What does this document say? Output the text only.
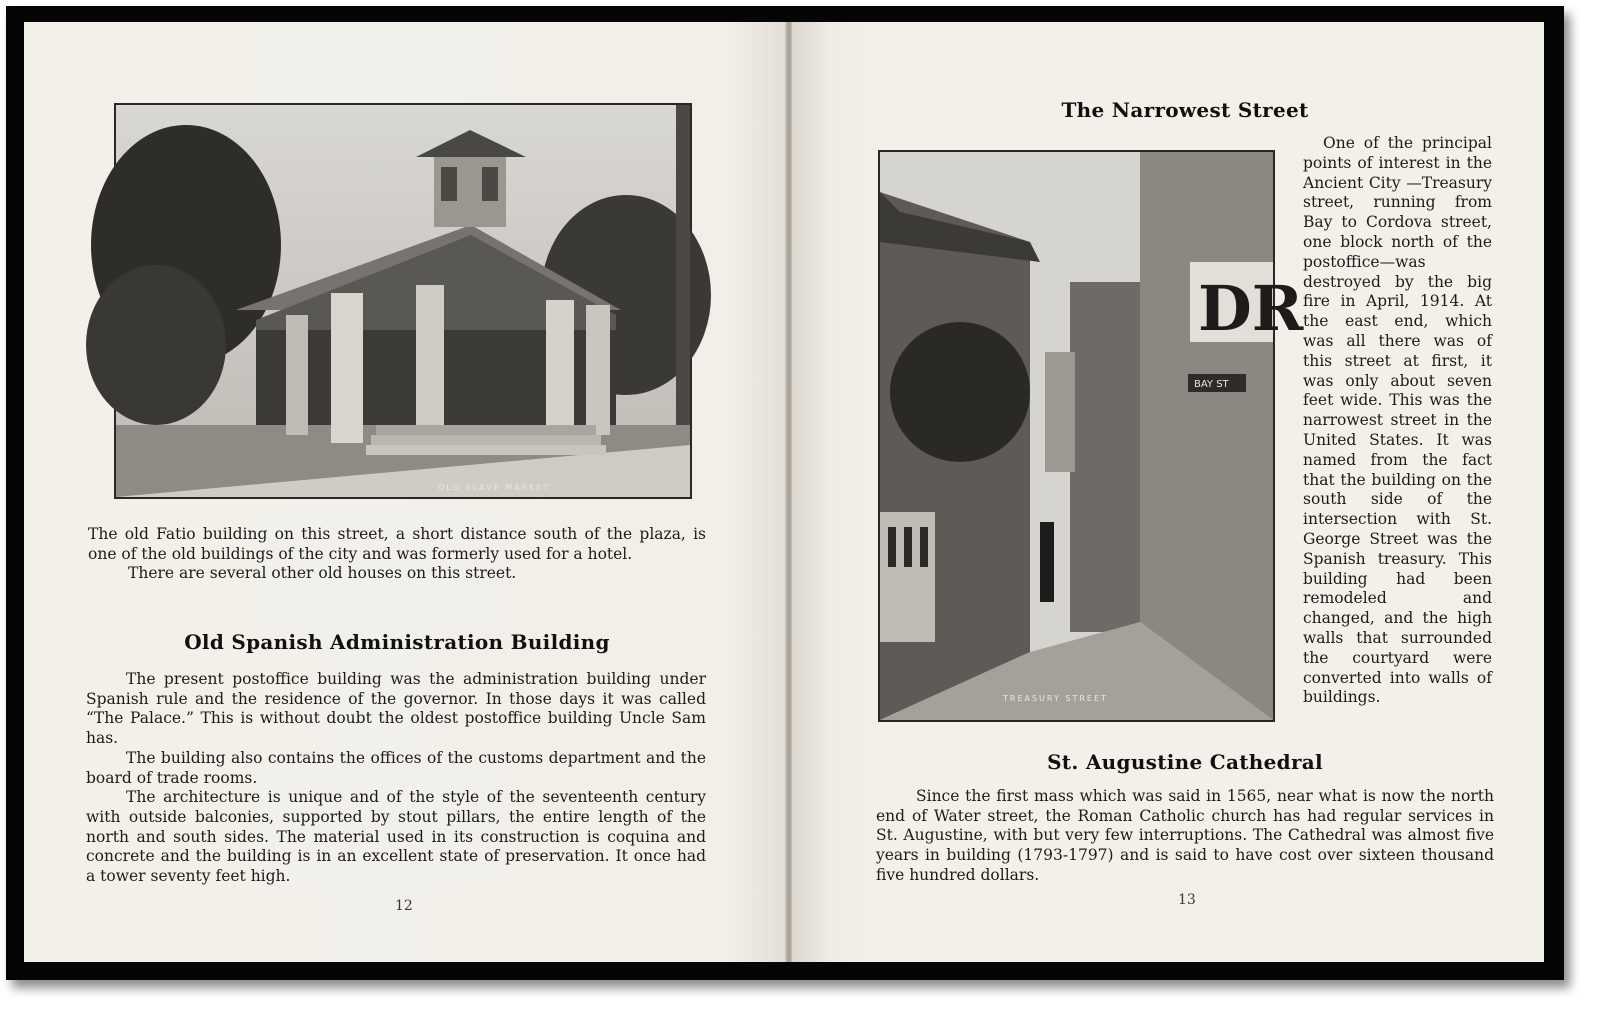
OLD SLAVE MARKET

The old Fatio building on this street, a short distance south of the plaza, is one of the old buildings of the city and was formerly used for a hotel.

There are several other old houses on this street.

Old Spanish Administration Building

The present postoffice building was the administration building under Spanish rule and the residence of the governor. In those days it was called “The Palace.” This is without doubt the oldest postoffice building Uncle Sam has.

The building also contains the offices of the customs department and the board of trade rooms.

The architecture is unique and of the style of the seventeenth century with outside balconies, supported by stout pillars, the entire length of the north and south sides. The material used in its construction is coquina and concrete and the building is in an excellent state of preservation. It once had a tower seventy feet high.

12
The Narrowest Street
DR
BAY ST
TREASURY STREET

One of the principal points of interest in the Ancient City —Treasury street, running from Bay to Cordova street, one block north of the postoffice—was destroyed by the big fire in April, 1914. At the east end, which was all there was of this street at first, it was only about seven feet wide. This was the narrowest street in the United States. It was named from the fact that the building on the south side of the intersection with St. George Street was the Spanish treasury. This building had been remodeled and changed, and the high walls that surrounded the courtyard were converted into walls of buildings.

St. Augustine Cathedral

Since the first mass which was said in 1565, near what is now the north end of Water street, the Roman Catholic church has had regular services in St. Augustine, with but very few interruptions. The Cathedral was almost five years in building (1793-1797) and is said to have cost over sixteen thousand five hundred dollars.

13
